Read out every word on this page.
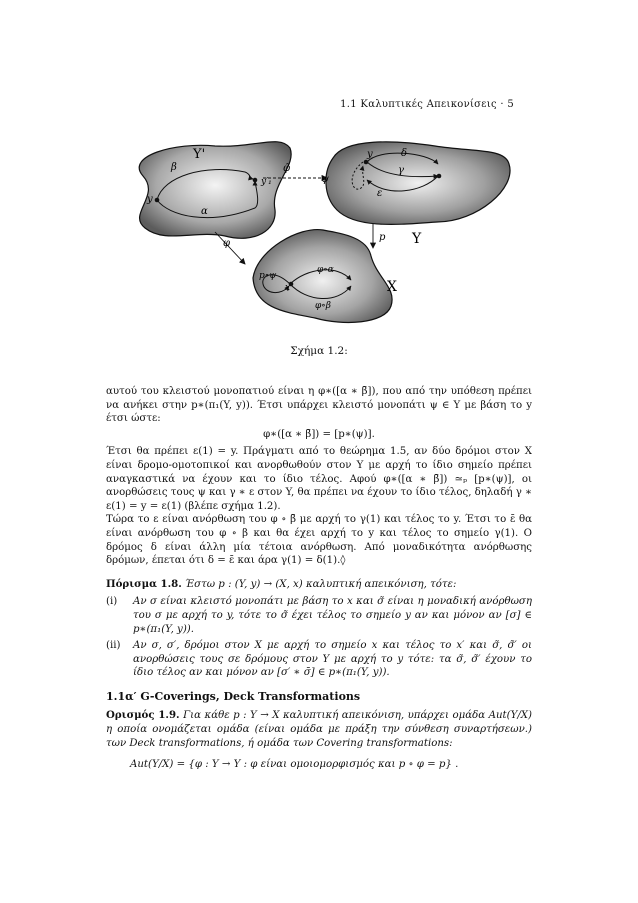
1.1 Καλυπτικές Απεικονίσεις · 5
Y'
β
y′₁
y
α
φ̃
φ
y	δ
γ
ψ
ε
p Y
p∘ψ
x
φ∘α
φ∘β
X
Σχήμα 1.2:

αυτού του κλειστού μονοπατιού είναι η φ∗([α ∗ β̄]), που από την υπόθεση πρέπει να ανήκει στην p∗(π₁(Y, y)). Έτσι υπάρχει κλειστό μονοπάτι ψ ∈ Y με βάση το y έτσι ώστε:

φ∗([α ∗ β̄]) = [p∗(ψ)].

Έτσι θα πρέπει ε(1) = y. Πράγματι από το θεώρημα 1.5, αν δύο δρόμοι στον X είναι δρομο-ομοτοπικοί και ανορθωθούν στον Y με αρχή το ίδιο σημείο πρέπει αναγκαστικά να έχουν και το ίδιο τέλος. Αφού φ∗([α ∗ β̄]) ≃ₚ [p∗(ψ)], οι ανορθώσεις τους ψ και γ ∗ ε στον Y, θα πρέπει να έχουν το ίδιο τέλος, δηλαδή γ ∗ ε(1) = y = ε(1) (βλέπε σχήμα 1.2).

Τώρα το ε είναι ανόρθωση του φ ∘ β̄ με αρχή το γ(1) και τέλος το y. Έτσι το ε̄ θα είναι ανόρθωση του φ ∘ β και θα έχει αρχή το y και τέλος το σημείο γ(1). Ο δρόμος δ είναι άλλη μία τέτοια ανόρθωση. Από μοναδικότητα ανόρθωσης δρόμων, έπεται ότι δ = ε̄ και άρα γ(1) = δ(1).◊

Πόρισμα 1.8. Έστω p : (Y, y) → (X, x) καλυπτική απεικόνιση, τότε:

(i)	Αν σ είναι κλειστό μονοπάτι με βάση το x και σ̃ είναι η μοναδική ανόρθωση του σ με αρχή το y, τότε το σ̃ έχει τέλος το σημείο y αν και μόνον αν [σ] ∈ p∗(π₁(Y, y)).
(ii)	Αν σ, σ′, δρόμοι στον X με αρχή το σημείο x και τέλος το x′ και σ̃, σ̃′ οι ανορθώσεις τους σε δρόμους στον Y με αρχή το y τότε: τα σ̃, σ̃′ έχουν το ίδιο τέλος αν και μόνον αν [σ′ ∗ σ̄] ∈ p∗(π₁(Y, y)).

1.1α′ G-Coverings, Deck Transformations

Ορισμός 1.9. Για κάθε p : Y → X καλυπτική απεικόνιση, υπάρχει ομάδα Aut(Y/X) η οποία ονομάζεται ομάδα (είναι ομάδα με πράξη την σύνθεση συναρτήσεων.) των Deck transformations, ή ομάδα των Covering transformations:

Aut(Y/X) = {φ : Y → Y : φ είναι ομοιομορφισμός και p ∘ φ = p} .
